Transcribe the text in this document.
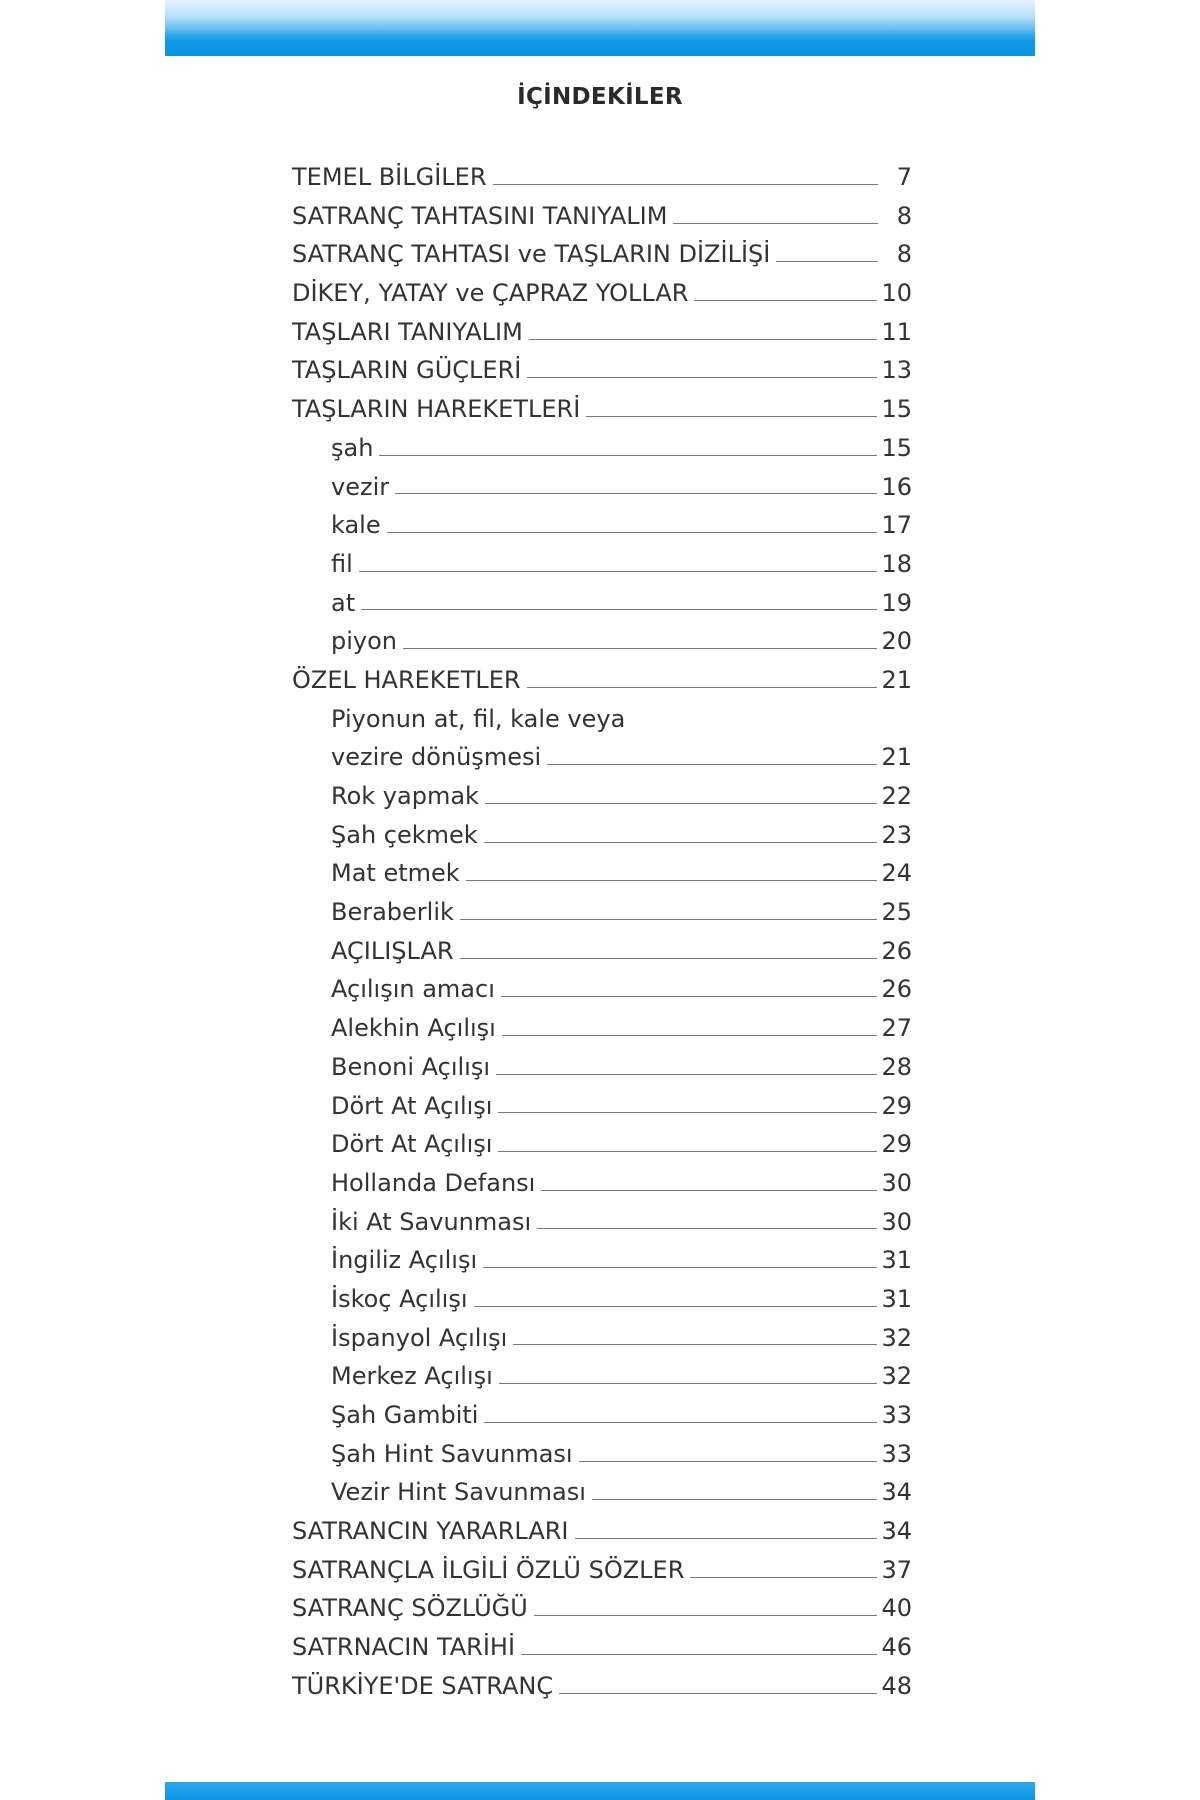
İÇİNDEKİLER
TEMEL BİLGİLER	7
SATRANÇ TAHTASINI TANIYALIM	8
SATRANÇ TAHTASI ve TAŞLARIN DİZİLİŞİ	8
DİKEY, YATAY ve ÇAPRAZ YOLLAR	10
TAŞLARI TANIYALIM	11
TAŞLARIN GÜÇLERİ	13
TAŞLARIN HAREKETLERİ	15
şah	15
vezir	16
kale	17
fil	18
at	19
piyon	20
ÖZEL HAREKETLER	21
Piyonun at, fil, kale veya
vezire dönüşmesi	21
Rok yapmak	22
Şah çekmek	23
Mat etmek	24
Beraberlik	25
AÇILIŞLAR	26
Açılışın amacı	26
Alekhin Açılışı	27
Benoni Açılışı	28
Dört At Açılışı	29
Dört At Açılışı	29
Hollanda Defansı	30
İki At Savunması	30
İngiliz Açılışı	31
İskoç Açılışı	31
İspanyol Açılışı	32
Merkez Açılışı	32
Şah Gambiti	33
Şah Hint Savunması	33
Vezir Hint Savunması	34
SATRANCIN YARARLARI	34
SATRANÇLA İLGİLİ ÖZLÜ SÖZLER	37
SATRANÇ SÖZLÜĞÜ	40
SATRNACIN TARİHİ	46
TÜRKİYE'DE SATRANÇ	48
